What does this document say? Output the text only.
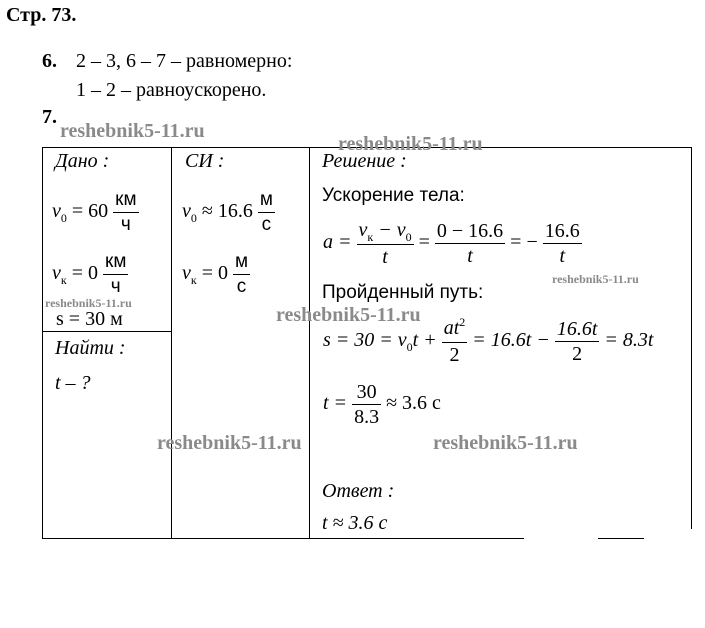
Стр. 73.
6. 2 – 3, 6 – 7 – равномерно:
1 – 2 – равноускорено.
7.
Дано :
$v_0 = 60 \frac{км}{ч}$
$v_к = 0 \frac{км}{ч}$
s = 30 м
Найти :
t – ?
СИ :
$v_0 \approx 16.6 \frac{м}{с}$
$v_к = 0 \frac{м}{с}$
Решение :
Ускорение тела:
$a = \frac{v_к - v_0}{t} = \frac{0 - 16.6}{t}$ = − $\frac{16.6}{t}$
Пройденный путь:
$s = 30 = v_0t + \frac{at^2}{2} = 16.6t - \frac{16.6t}{2} = 8.3t$
$t = \frac{30}{8.3} \approx 3.6$ с
Ответ :
t ≈ 3.6 с
reshebnik5-11.ru
reshebnik5-11.ru
reshebnik5-11.ru
reshebnik5-11.ru
reshebnik5-11.ru
reshebnik5-11.ru	reshebnik5-11.ru
